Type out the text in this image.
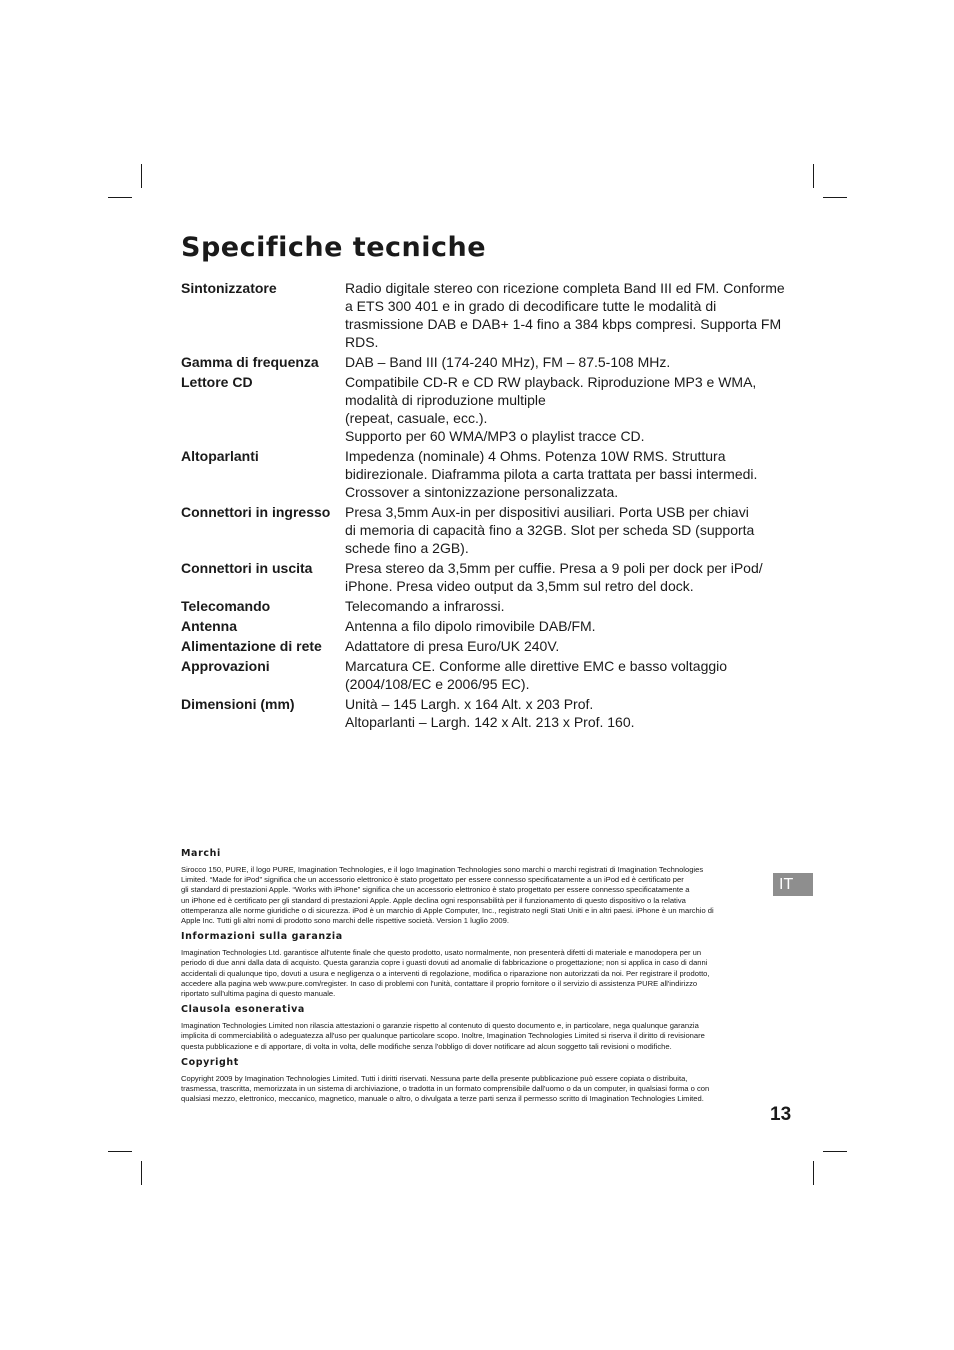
Specifiche tecniche
Sintonizzatore	Radio digitale stereo con ricezione completa Band III ed FM. Conforme
a ETS 300 401 e in grado di decodificare tutte le modalità di
trasmissione DAB e DAB+ 1-4 fino a 384 kbps compresi. Supporta FM
RDS.
Gamma di frequenza	DAB – Band III (174-240 MHz), FM – 87.5-108 MHz.
Lettore CD	Compatibile CD-R e CD RW playback. Riproduzione MP3 e WMA,
modalità di riproduzione multiple
(repeat, casuale, ecc.).
Supporto per 60 WMA/MP3 o playlist tracce CD.
Altoparlanti	Impedenza (nominale) 4 Ohms. Potenza 10W RMS. Struttura
bidirezionale. Diaframma pilota a carta trattata per bassi intermedi.
Crossover a sintonizzazione personalizzata.
Connettori in ingresso	Presa 3,5mm Aux-in per dispositivi ausiliari. Porta USB per chiavi
di memoria di capacità fino a 32GB. Slot per scheda SD (supporta
schede fino a 2GB).
Connettori in uscita	Presa stereo da 3,5mm per cuffie. Presa a 9 poli per dock per iPod/
iPhone. Presa video output da 3,5mm sul retro del dock.
Telecomando	Telecomando a infrarossi.
Antenna	Antenna a filo dipolo rimovibile DAB/FM.
Alimentazione di rete	Adattatore di presa Euro/UK 240V.
Approvazioni	Marcatura CE. Conforme alle direttive EMC e basso voltaggio
(2004/108/EC e 2006/95 EC).
Dimensioni (mm)	Unità – 145 Largh. x 164 Alt. x 203 Prof.
Altoparlanti – Largh. 142 x Alt. 213 x Prof. 160.
Marchi
Sirocco 150, PURE, il logo PURE, Imagination Technologies, e il logo Imagination Technologies sono marchi o marchi registrati di Imagination Technologies
Limited. “Made for iPod” significa che un accessorio elettronico è stato progettato per essere connesso specificatamente a un iPod ed è certificato per
gli standard di prestazioni Apple. “Works with iPhone” significa che un accessorio elettronico è stato progettato per essere connesso specificatamente a
un iPhone ed è certificato per gli standard di prestazioni Apple. Apple declina ogni responsabilità per il funzionamento di questo dispositivo o la relativa
ottemperanza alle norme giuridiche o di sicurezza. iPod è un marchio di Apple Computer, Inc., registrato negli Stati Uniti e in altri paesi. iPhone è un marchio di
Apple Inc. Tutti gli altri nomi di prodotto sono marchi delle rispettive società. Version 1 luglio 2009.
Informazioni sulla garanzia
Imagination Technologies Ltd. garantisce all'utente finale che questo prodotto, usato normalmente, non presenterà difetti di materiale e manodopera per un
periodo di due anni dalla data di acquisto. Questa garanzia copre i guasti dovuti ad anomalie di fabbricazione o progettazione; non si applica in caso di danni
accidentali di qualunque tipo, dovuti a usura e negligenza o a interventi di regolazione, modifica o riparazione non autorizzati da noi. Per registrare il prodotto,
accedere alla pagina web www.pure.com/register. In caso di problemi con l'unità, contattare il proprio fornitore o il servizio di assistenza PURE all'indirizzo
riportato sull'ultima pagina di questo manuale.
Clausola esonerativa
Imagination Technologies Limited non rilascia attestazioni o garanzie rispetto al contenuto di questo documento e, in particolare, nega qualunque garanzia
implicita di commerciabilità o adeguatezza all'uso per qualunque particolare scopo. Inoltre, Imagination Technologies Limited si riserva il diritto di revisionare
questa pubblicazione e di apportare, di volta in volta, delle modifiche senza l'obbligo di dover notificare ad alcun soggetto tali revisioni o modifiche.
Copyright
Copyright 2009 by Imagination Technologies Limited. Tutti i diritti riservati. Nessuna parte della presente pubblicazione può essere copiata o distribuita,
trasmessa, trascritta, memorizzata in un sistema di archiviazione, o tradotta in un formato comprensibile dall'uomo o da un computer, in qualsiasi forma o con
qualsiasi mezzo, elettronico, meccanico, magnetico, manuale o altro, o divulgata a terze parti senza il permesso scritto di Imagination Technologies Limited.
IT
13
